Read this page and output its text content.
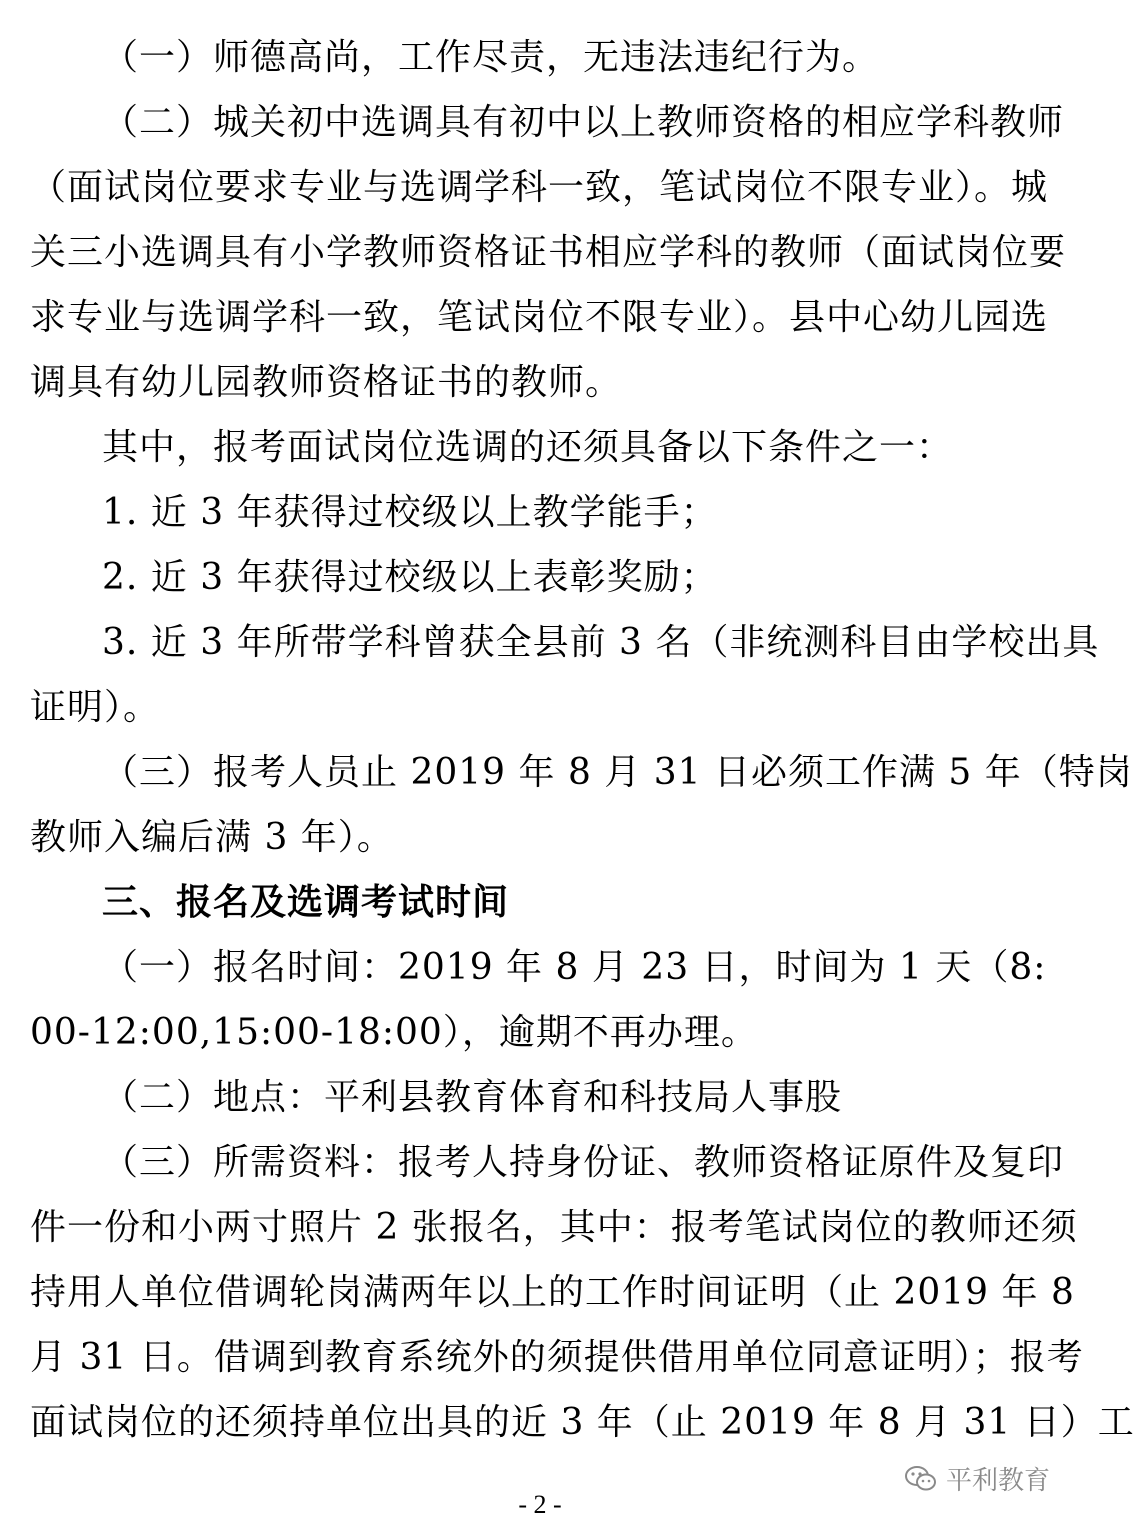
（一）师德高尚，工作尽责，无违法违纪行为。
（二）城关初中选调具有初中以上教师资格的相应学科教师
（面试岗位要求专业与选调学科一致，笔试岗位不限专业）。城
关三小选调具有小学教师资格证书相应学科的教师（面试岗位要
求专业与选调学科一致，笔试岗位不限专业）。县中心幼儿园选
调具有幼儿园教师资格证书的教师。
其中，报考面试岗位选调的还须具备以下条件之一：
1. 近 3 年获得过校级以上教学能手；
2. 近 3 年获得过校级以上表彰奖励；
3. 近 3 年所带学科曾获全县前 3 名（非统测科目由学校出具
证明）。
（三）报考人员止 2019 年 8 月 31 日必须工作满 5 年（特岗
教师入编后满 3 年）。
三、报名及选调考试时间
（一）报名时间：2019 年 8 月 23 日，时间为 1 天（8:
00-12:00,15:00-18:00），逾期不再办理。
（二）地点：平利县教育体育和科技局人事股
（三）所需资料：报考人持身份证、教师资格证原件及复印
件一份和小两寸照片 2 张报名，其中：报考笔试岗位的教师还须
持用人单位借调轮岗满两年以上的工作时间证明（止 2019 年 8
月 31 日。借调到教育系统外的须提供借用单位同意证明）；报考
面试岗位的还须持单位出具的近 3 年（止 2019 年 8 月 31 日）工
平利教育
- 2 -
